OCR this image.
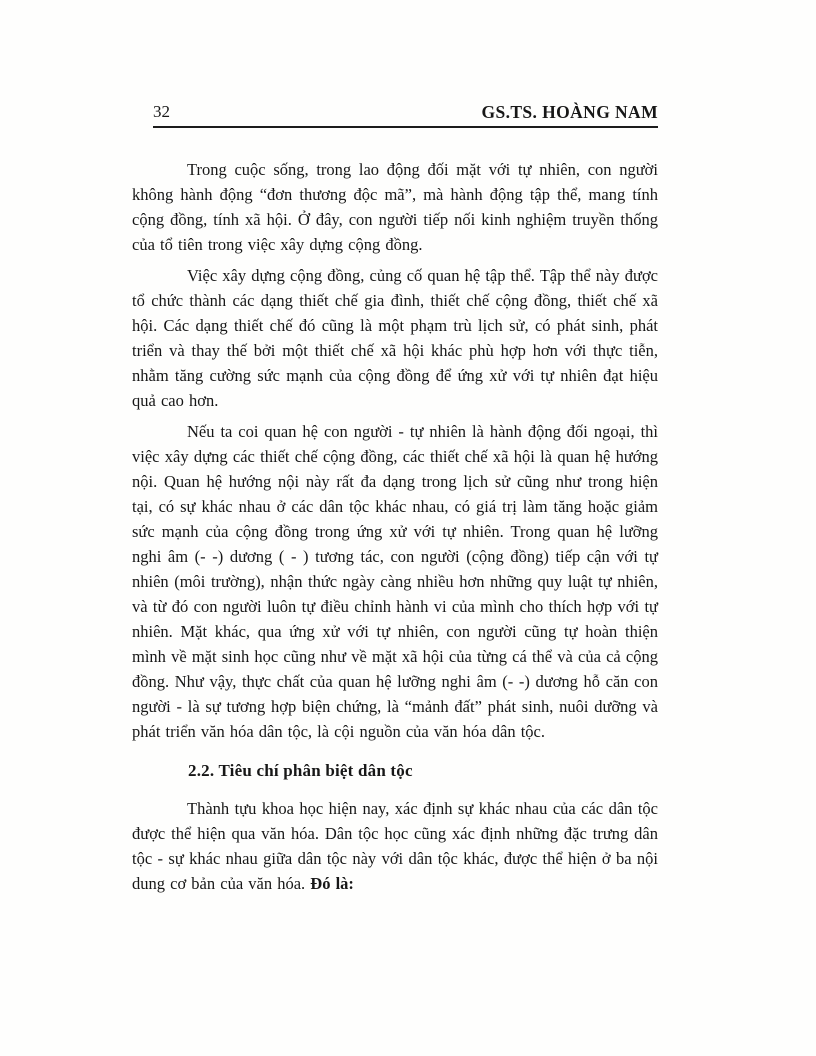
32	GS.TS. HOÀNG NAM

Trong cuộc sống, trong lao động đối mặt với tự nhiên, con người không hành động “đơn thương độc mã”, mà hành động tập thể, mang tính cộng đồng, tính xã hội. Ở đây, con người tiếp nối kinh nghiệm truyền thống của tổ tiên trong việc xây dựng cộng đồng.

Việc xây dựng cộng đồng, củng cố quan hệ tập thể. Tập thể này được tổ chức thành các dạng thiết chế gia đình, thiết chế cộng đồng, thiết chế xã hội. Các dạng thiết chế đó cũng là một phạm trù lịch sử, có phát sinh, phát triển và thay thế bởi một thiết chế xã hội khác phù hợp hơn với thực tiễn, nhằm tăng cường sức mạnh của cộng đồng để ứng xử với tự nhiên đạt hiệu quả cao hơn.

Nếu ta coi quan hệ con người - tự nhiên là hành động đối ngoại, thì việc xây dựng các thiết chế cộng đồng, các thiết chế xã hội là quan hệ hướng nội. Quan hệ hướng nội này rất đa dạng trong lịch sử cũng như trong hiện tại, có sự khác nhau ở các dân tộc khác nhau, có giá trị làm tăng hoặc giảm sức mạnh của cộng đồng trong ứng xử với tự nhiên. Trong quan hệ lưỡng nghi âm (- -) dương ( - ) tương tác, con người (cộng đồng) tiếp cận với tự nhiên (môi trường), nhận thức ngày càng nhiều hơn những quy luật tự nhiên, và từ đó con người luôn tự điều chỉnh hành vi của mình cho thích hợp với tự nhiên. Mặt khác, qua ứng xử với tự nhiên, con người cũng tự hoàn thiện mình về mặt sinh học cũng như về mặt xã hội của từng cá thể và của cả cộng đồng. Như vậy, thực chất của quan hệ lưỡng nghi âm (- -) dương hỗ căn con người - là sự tương hợp biện chứng, là “mảnh đất” phát sinh, nuôi dưỡng và phát triển văn hóa dân tộc, là cội nguồn của văn hóa dân tộc.

2.2. Tiêu chí phân biệt dân tộc

Thành tựu khoa học hiện nay, xác định sự khác nhau của các dân tộc được thể hiện qua văn hóa. Dân tộc học cũng xác định những đặc trưng dân tộc - sự khác nhau giữa dân tộc này với dân tộc khác, được thể hiện ở ba nội dung cơ bản của văn hóa. Đó là:
